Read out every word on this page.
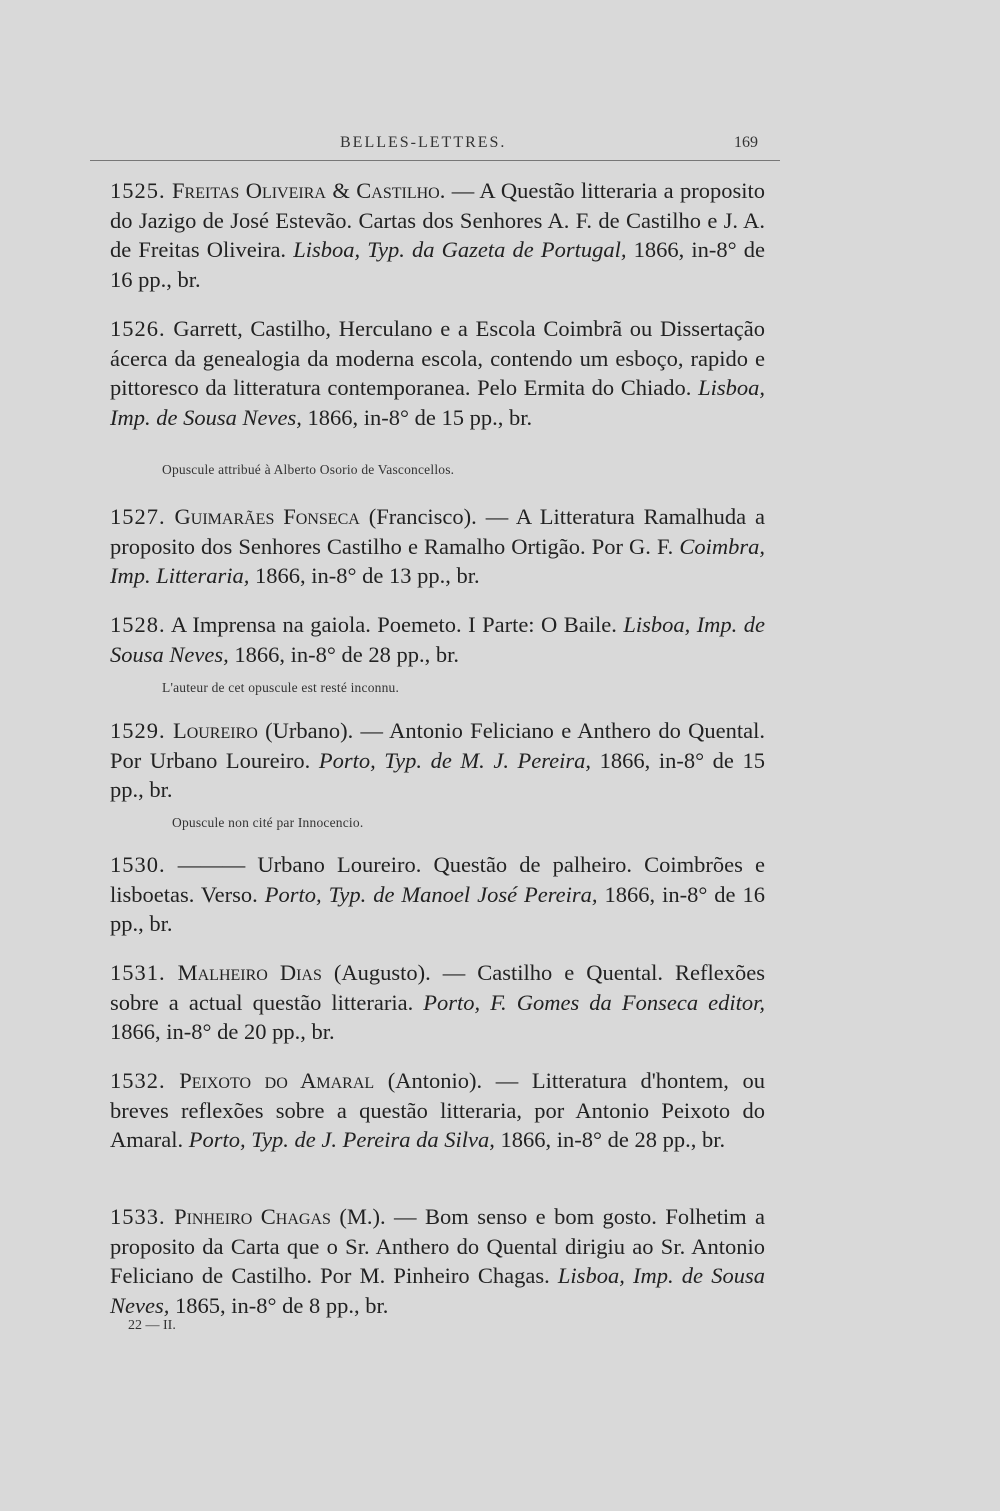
BELLES-LETTRES.	169

1525. Freitas Oliveira & Castilho. — A Questão litteraria a proposito do Jazigo de José Estevão. Cartas dos Senhores A. F. de Castilho e J. A. de Freitas Oliveira. Lisboa, Typ. da Gazeta de Portugal, 1866, in-8° de 16 pp., br.

1526. Garrett, Castilho, Herculano e a Escola Coimbrã ou Dissertação ácerca da genealogia da moderna escola, contendo um esboço, rapido e pittoresco da litteratura contemporanea. Pelo Ermita do Chiado. Lisboa, Imp. de Sousa Neves, 1866, in-8° de 15 pp., br.

Opuscule attribué à Alberto Osorio de Vasconcellos.

1527. Guimarães Fonseca (Francisco). — A Litteratura Ramalhuda a proposito dos Senhores Castilho e Ramalho Ortigão. Por G. F. Coimbra, Imp. Litteraria, 1866, in-8° de 13 pp., br.

1528. A Imprensa na gaiola. Poemeto. I Parte: O Baile. Lisboa, Imp. de Sousa Neves, 1866, in-8° de 28 pp., br.

L'auteur de cet opuscule est resté inconnu.

1529. Loureiro (Urbano). — Antonio Feliciano e Anthero do Quental. Por Urbano Loureiro. Porto, Typ. de M. J. Pereira, 1866, in-8° de 15 pp., br.

Opuscule non cité par Innocencio.

1530. ——— Urbano Loureiro. Questão de palheiro. Coimbrões e lisboetas. Verso. Porto, Typ. de Manoel José Pereira, 1866, in-8° de 16 pp., br.

1531. Malheiro Dias (Augusto). — Castilho e Quental. Reflexões sobre a actual questão litteraria. Porto, F. Gomes da Fonseca editor, 1866, in-8° de 20 pp., br.

1532. Peixoto do Amaral (Antonio). — Litteratura d'hontem, ou breves reflexões sobre a questão litteraria, por Antonio Peixoto do Amaral. Porto, Typ. de J. Pereira da Silva, 1866, in-8° de 28 pp., br.

1533. Pinheiro Chagas (M.). — Bom senso e bom gosto. Folhetim a proposito da Carta que o Sr. Anthero do Quental dirigiu ao Sr. Antonio Feliciano de Castilho. Por M. Pinheiro Chagas. Lisboa, Imp. de Sousa Neves, 1865, in-8° de 8 pp., br.

22 — II.
